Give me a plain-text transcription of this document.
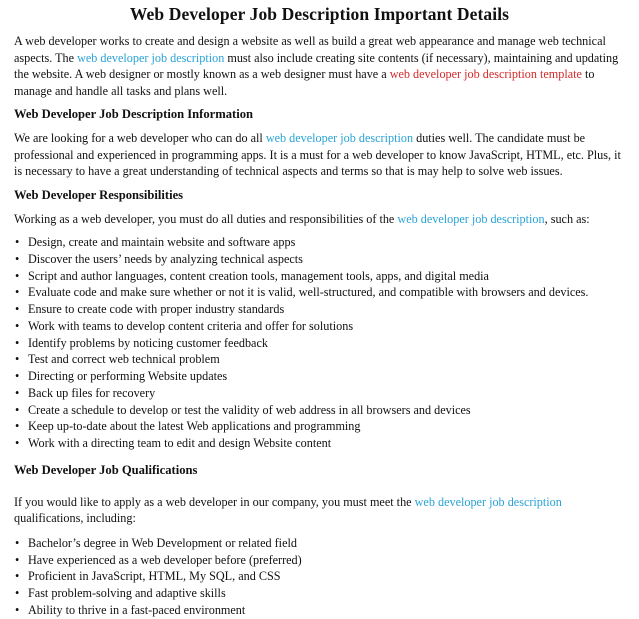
Web Developer Job Description Important Details

A web developer works to create and design a website as well as build a great web appearance and manage web technical aspects. The web developer job description must also include creating site contents (if necessary), maintaining and updating the website. A web designer or mostly known as a web designer must have a web developer job description template to manage and handle all tasks and plans well.

Web Developer Job Description Information

We are looking for a web developer who can do all web developer job description duties well. The candidate must be professional and experienced in programming apps. It is a must for a web developer to know JavaScript, HTML, etc. Plus, it is necessary to have a great understanding of technical aspects and terms so that is may help to solve web issues.

Web Developer Responsibilities

Working as a web developer, you must do all duties and responsibilities of the web developer job description, such as:

• Design, create and maintain website and software apps
• Discover the users’ needs by analyzing technical aspects
• Script and author languages, content creation tools, management tools, apps, and digital media
• Evaluate code and make sure whether or not it is valid, well-structured, and compatible with browsers and devices.
• Ensure to create code with proper industry standards
• Work with teams to develop content criteria and offer for solutions
• Identify problems by noticing customer feedback
• Test and correct web technical problem
• Directing or performing Website updates
• Back up files for recovery
• Create a schedule to develop or test the validity of web address in all browsers and devices
• Keep up-to-date about the latest Web applications and programming
• Work with a directing team to edit and design Website content
Web Developer Job Qualifications

If you would like to apply as a web developer in our company, you must meet the web developer job description qualifications, including:

• Bachelor’s degree in Web Development or related field
• Have experienced as a web developer before (preferred)
• Proficient in JavaScript, HTML, My SQL, and CSS
• Fast problem-solving and adaptive skills
• Ability to thrive in a fast-paced environment
